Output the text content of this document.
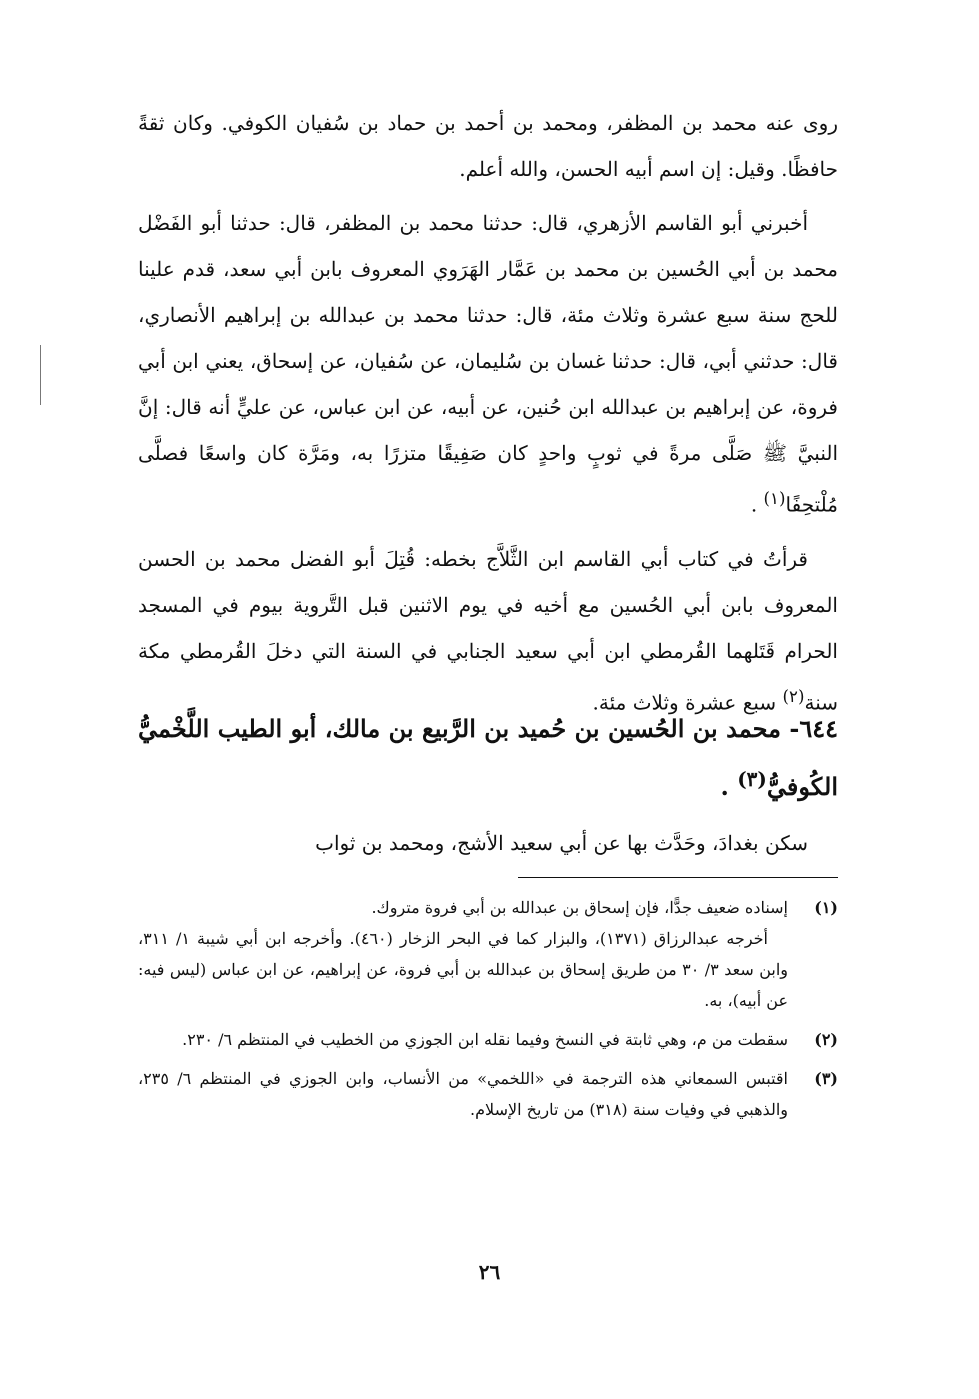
روى عنه محمد بن المظفر، ومحمد بن أحمد بن حماد بن سُفيان الكوفي. وكان ثقةً حافظًا. وقيل: إن اسم أبيه الحسن، والله أعلم.

أخبرني أبو القاسم الأزهري، قال: حدثنا محمد بن المظفر، قال: حدثنا أبو الفَضْل محمد بن أبي الحُسين بن محمد بن عَمَّار الهَرَوي المعروف بابن أبي سعد، قدم علينا للحج سنة سبع عشرة وثلاث مئة، قال: حدثنا محمد بن عبدالله بن إبراهيم الأنصاري، قال: حدثني أبي، قال: حدثنا غسان بن سُليمان، عن سُفيان، عن إسحاق، يعني ابن أبي فروة، عن إبراهيم بن عبدالله ابن حُنين، عن أبيه، عن ابن عباس، عن عليٍّ أنه قال: إنَّ النبيَّ ﷺ صَلَّى مرةً في ثوبٍ واحدٍ كان صَفِيقًا متزرًا به، ومَرَّة كان واسعًا فصلَّى مُلْتحِفًا$^{(١)}$ .

قرأتُ في كتاب أبي القاسم ابن الثَّلاَّج بخطه: قُتِلَ أبو الفضل محمد بن الحسن المعروف بابن أبي الحُسين مع أخيه في يوم الاثنين قبل التَّروية بيوم في المسجد الحرام قَتَلهما القُرمطي ابن أبي سعيد الجنابي في السنة التي دخلَ القُرمطي مكة سنة$^{(٢)}$ سبع عشرة وثلاث مئة.

٦٤٤- محمد بن الحُسين بن حُميد بن الرَّبيع بن مالك، أبو الطيب اللَّخْميُّ الكُوفيُّ$^{(٣)}$ .

سكن بغدادَ، وحَدَّث بها عن أبي سعيد الأشج، ومحمد بن ثواب

(١)

إسناده ضعيف جدًّا، فإن إسحاق بن عبدالله بن أبي فروة متروك.

أخرجه عبدالرزاق (١٣٧١)، والبزار كما في البحر الزخار (٤٦٠). وأخرجه ابن أبي شيبة ١/ ٣١١، وابن سعد ٣/ ٣٠ من طريق إسحاق بن عبدالله بن أبي فروة، عن إبراهيم، عن ابن عباس (ليس فيه: عن أبيه)، به.

(٢)

سقطت من م، وهي ثابتة في النسخ وفيما نقله ابن الجوزي من الخطيب في المنتظم ٦/ ٢٣٠.

(٣)

اقتبس السمعاني هذه الترجمة في «اللخمي» من الأنساب، وابن الجوزي في المنتظم ٦/ ٢٣٥، والذهبي في وفيات سنة (٣١٨) من تاريخ الإسلام.

٢٦
